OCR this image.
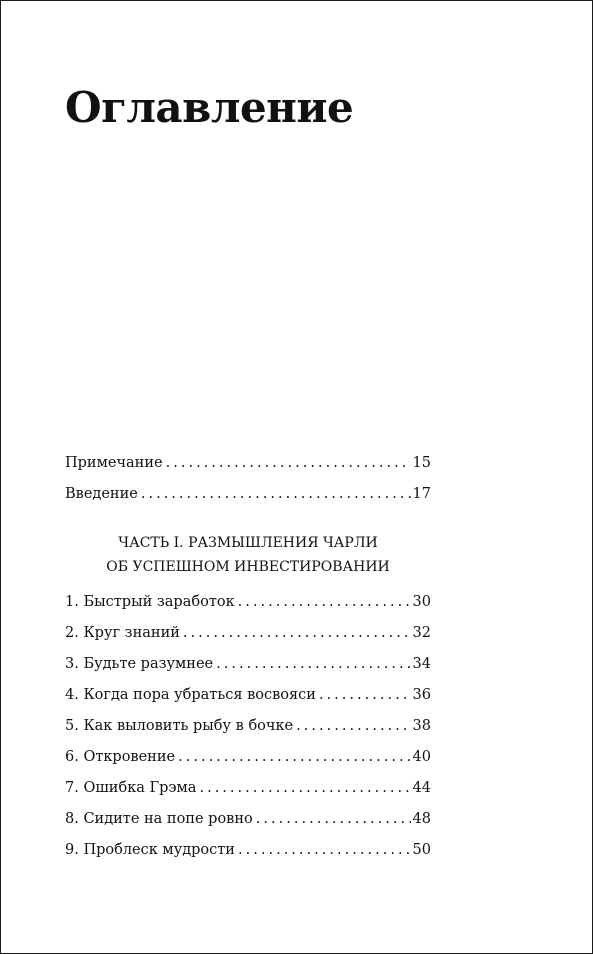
Оглавление
Примечание . . .	15
Введение . . .	17
ЧАСТЬ I. РАЗМЫШЛЕНИЯ ЧАРЛИ
ОБ УСПЕШНОМ ИНВЕСТИРОВАНИИ
1. Быстрый заработок . . .	30
2. Круг знаний . . .	32
3. Будьте разумнее . . .	34
4. Когда пора убраться восвояси . . .	36
5. Как выловить рыбу в бочке . . .	38
6. Откровение . . .	40
7. Ошибка Грэма . . .	44
8. Сидите на попе ровно . . .	48
9. Проблеск мудрости . . .	50
